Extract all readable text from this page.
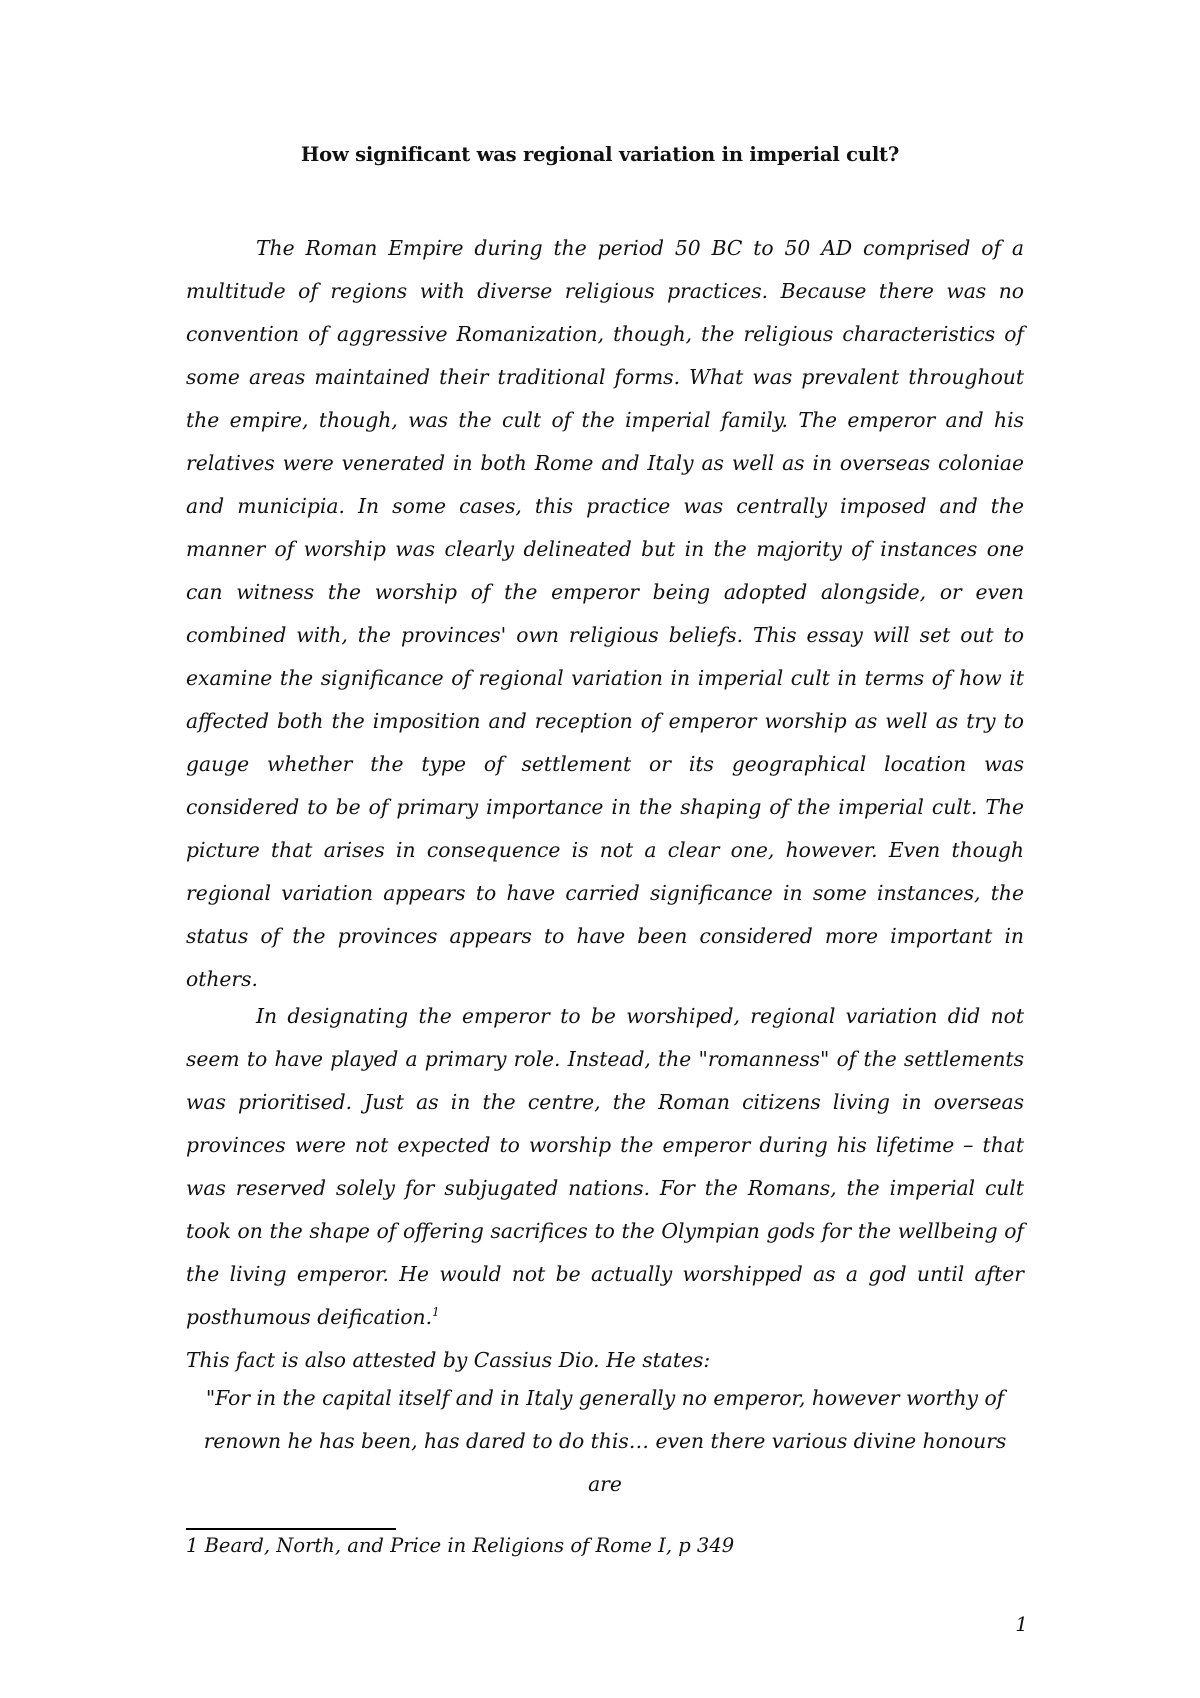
How significant was regional variation in imperial cult?

The Roman Empire during the period 50 BC to 50 AD comprised of a multitude of regions with diverse religious practices. Because there was no convention of aggressive Romanization, though, the religious characteristics of some areas maintained their traditional forms. What was prevalent throughout the empire, though, was the cult of the imperial family. The emperor and his relatives were venerated in both Rome and Italy as well as in overseas coloniae and municipia. In some cases, this practice was centrally imposed and the manner of worship was clearly delineated but in the majority of instances one can witness the worship of the emperor being adopted alongside, or even combined with, the provinces' own religious beliefs. This essay will set out to examine the significance of regional variation in imperial cult in terms of how it affected both the imposition and reception of emperor worship as well as try to gauge whether the type of settlement or its geographical location was considered to be of primary importance in the shaping of the imperial cult. The picture that arises in consequence is not a clear one, however. Even though regional variation appears to have carried significance in some instances, the status of the provinces appears to have been considered more important in others.

In designating the emperor to be worshiped, regional variation did not seem to have played a primary role. Instead, the "romanness" of the settlements was prioritised. Just as in the centre, the Roman citizens living in overseas provinces were not expected to worship the emperor during his lifetime – that was reserved solely for subjugated nations. For the Romans, the imperial cult took on the shape of offering sacrifices to the Olympian gods for the wellbeing of the living emperor. He would not be actually worshipped as a god until after posthumous deification.$^1$
This fact is also attested by Cassius Dio. He states:

"For in the capital itself and in Italy generally no emperor, however worthy of
renown he has been, has dared to do this… even there various divine honours are
1 Beard, North, and Price in Religions of Rome I, p 349
1
